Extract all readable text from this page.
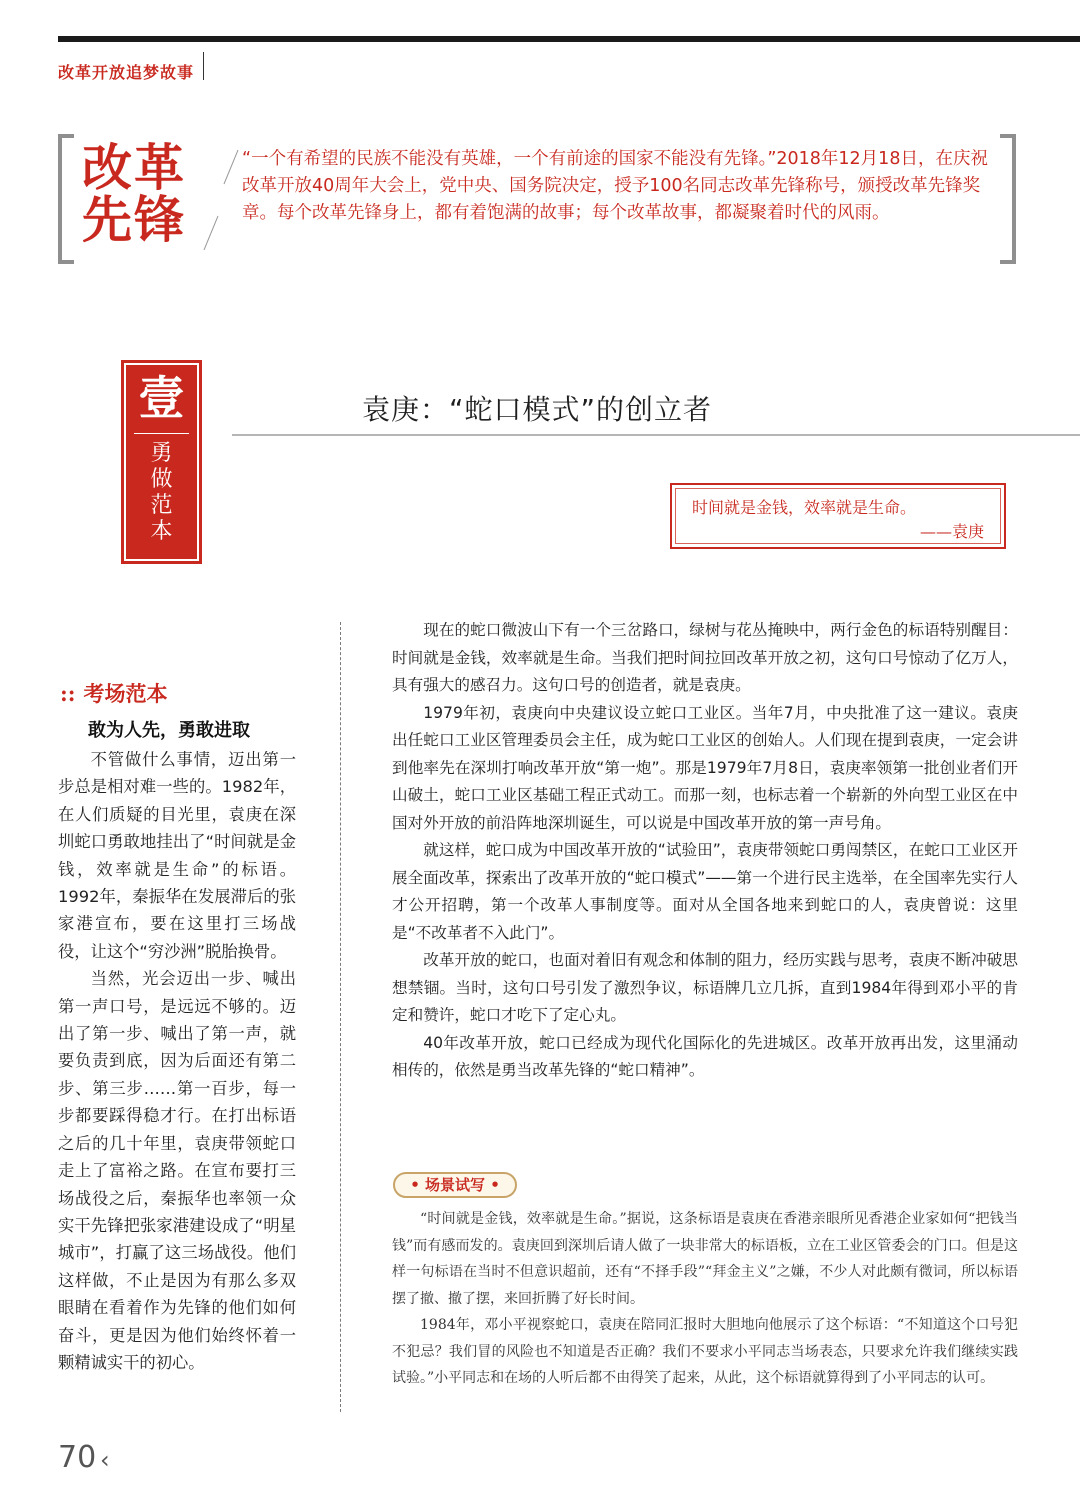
改革开放追梦故事
改革
先锋
“一个有希望的民族不能没有英雄，一个有前途的国家不能没有先锋。”2018年12月18日，在庆祝改革开放40周年大会上，党中央、国务院决定，授予100名同志改革先锋称号，颁授改革先锋奖章。每个改革先锋身上，都有着饱满的故事；每个改革故事，都凝聚着时代的风雨。
壹
勇
做
范
本
袁庚：“蛇口模式”的创立者
时间就是金钱，效率就是生命。
——袁庚
:: 考场范本
敢为人先，勇敢进取

不管做什么事情，迈出第一步总是相对难一些的。1982年，在人们质疑的目光里，袁庚在深圳蛇口勇敢地挂出了“时间就是金钱，效率就是生命”的标语。1992年，秦振华在发展滞后的张家港宣布，要在这里打三场战役，让这个“穷沙洲”脱胎换骨。

当然，光会迈出一步、喊出第一声口号，是远远不够的。迈出了第一步、喊出了第一声，就要负责到底，因为后面还有第二步、第三步……第一百步，每一步都要踩得稳才行。在打出标语之后的几十年里，袁庚带领蛇口走上了富裕之路。在宣布要打三场战役之后，秦振华也率领一众实干先锋把张家港建设成了“明星城市”，打赢了这三场战役。他们这样做，不止是因为有那么多双眼睛在看着作为先锋的他们如何奋斗，更是因为他们始终怀着一颗精诚实干的初心。

现在的蛇口微波山下有一个三岔路口，绿树与花丛掩映中，两行金色的标语特别醒目：时间就是金钱，效率就是生命。当我们把时间拉回改革开放之初，这句口号惊动了亿万人，具有强大的感召力。这句口号的创造者，就是袁庚。

1979年初，袁庚向中央建议设立蛇口工业区。当年7月，中央批准了这一建议。袁庚出任蛇口工业区管理委员会主任，成为蛇口工业区的创始人。人们现在提到袁庚，一定会讲到他率先在深圳打响改革开放“第一炮”。那是1979年7月8日，袁庚率领第一批创业者们开山破土，蛇口工业区基础工程正式动工。而那一刻，也标志着一个崭新的外向型工业区在中国对外开放的前沿阵地深圳诞生，可以说是中国改革开放的第一声号角。

就这样，蛇口成为中国改革开放的“试验田”，袁庚带领蛇口勇闯禁区，在蛇口工业区开展全面改革，探索出了改革开放的“蛇口模式”——第一个进行民主选举，在全国率先实行人才公开招聘，第一个改革人事制度等。面对从全国各地来到蛇口的人，袁庚曾说：这里是“不改革者不入此门”。

改革开放的蛇口，也面对着旧有观念和体制的阻力，经历实践与思考，袁庚不断冲破思想禁锢。当时，这句口号引发了激烈争议，标语牌几立几拆，直到1984年得到邓小平的肯定和赞许，蛇口才吃下了定心丸。

40年改革开放，蛇口已经成为现代化国际化的先进城区。改革开放再出发，这里涌动相传的，依然是勇当改革先锋的“蛇口精神”。

• 场景试写 •

“时间就是金钱，效率就是生命。”据说，这条标语是袁庚在香港亲眼所见香港企业家如何“把钱当钱”而有感而发的。袁庚回到深圳后请人做了一块非常大的标语板，立在工业区管委会的门口。但是这样一句标语在当时不但意识超前，还有“不择手段”“拜金主义”之嫌，不少人对此颇有微词，所以标语摆了撤、撤了摆，来回折腾了好长时间。

1984年，邓小平视察蛇口，袁庚在陪同汇报时大胆地向他展示了这个标语：“不知道这个口号犯不犯忌？我们冒的风险也不知道是否正确？我们不要求小平同志当场表态，只要求允许我们继续实践试验。”小平同志和在场的人听后都不由得笑了起来，从此，这个标语就算得到了小平同志的认可。

70 ‹
